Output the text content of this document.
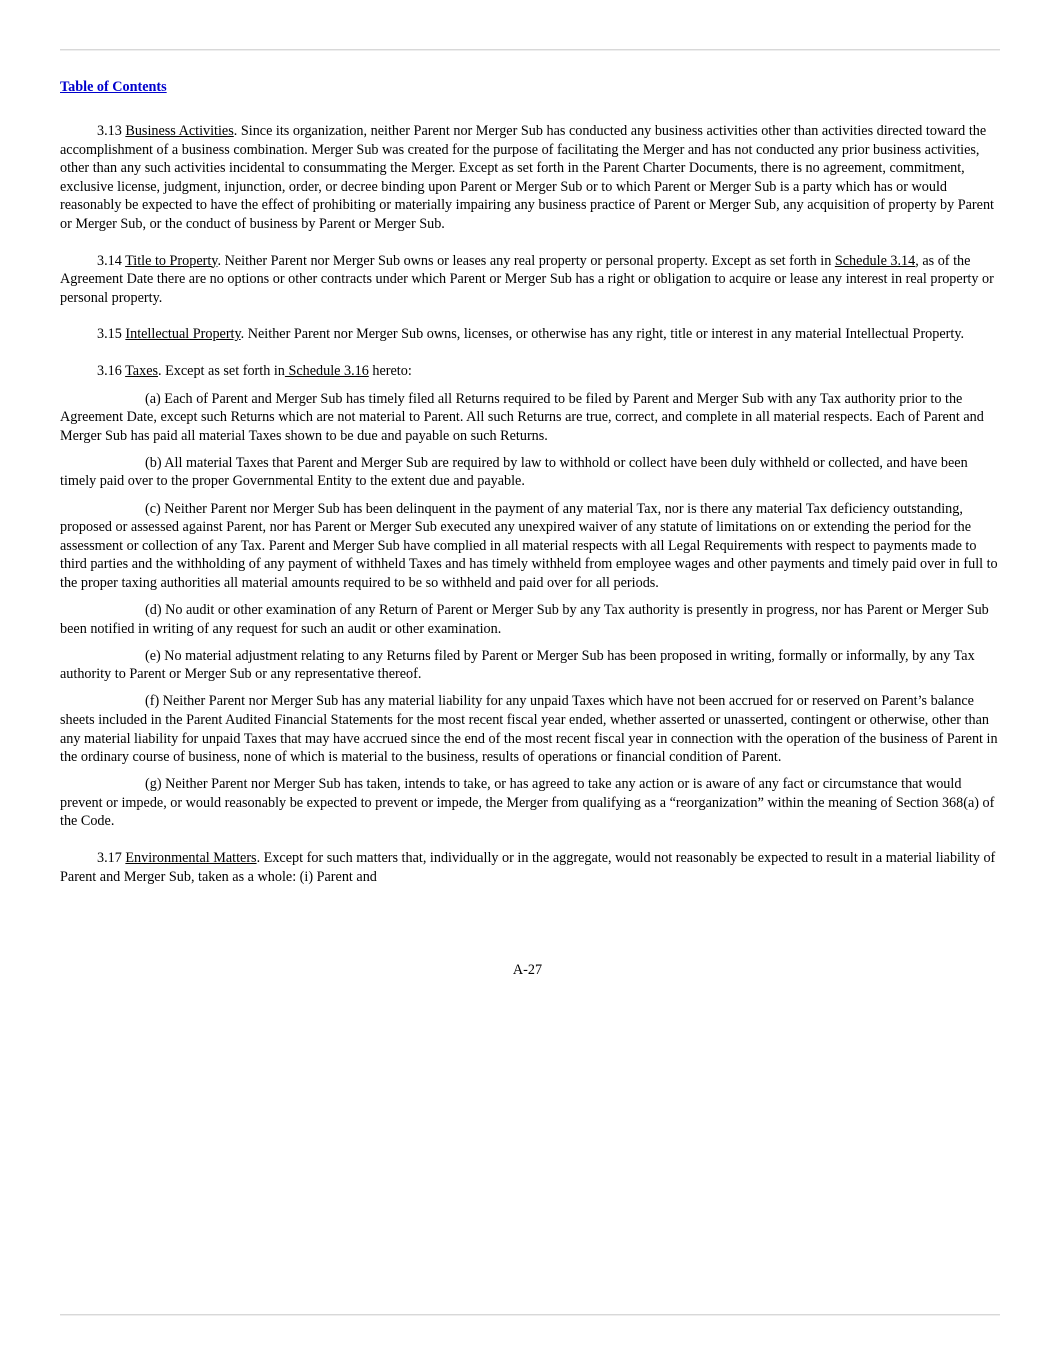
Table of Contents

3.13 Business Activities. Since its organization, neither Parent nor Merger Sub has conducted any business activities other than activities directed toward the accomplishment of a business combination. Merger Sub was created for the purpose of facilitating the Merger and has not conducted any prior business activities, other than any such activities incidental to consummating the Merger. Except as set forth in the Parent Charter Documents, there is no agreement, commitment, exclusive license, judgment, injunction, order, or decree binding upon Parent or Merger Sub or to which Parent or Merger Sub is a party which has or would reasonably be expected to have the effect of prohibiting or materially impairing any business practice of Parent or Merger Sub, any acquisition of property by Parent or Merger Sub, or the conduct of business by Parent or Merger Sub.

3.14 Title to Property. Neither Parent nor Merger Sub owns or leases any real property or personal property. Except as set forth in Schedule 3.14, as of the Agreement Date there are no options or other contracts under which Parent or Merger Sub has a right or obligation to acquire or lease any interest in real property or personal property.

3.15 Intellectual Property. Neither Parent nor Merger Sub owns, licenses, or otherwise has any right, title or interest in any material Intellectual Property.

3.16 Taxes. Except as set forth in Schedule 3.16 hereto:

(a) Each of Parent and Merger Sub has timely filed all Returns required to be filed by Parent and Merger Sub with any Tax authority prior to the Agreement Date, except such Returns which are not material to Parent. All such Returns are true, correct, and complete in all material respects. Each of Parent and Merger Sub has paid all material Taxes shown to be due and payable on such Returns.

(b) All material Taxes that Parent and Merger Sub are required by law to withhold or collect have been duly withheld or collected, and have been timely paid over to the proper Governmental Entity to the extent due and payable.

(c) Neither Parent nor Merger Sub has been delinquent in the payment of any material Tax, nor is there any material Tax deficiency outstanding, proposed or assessed against Parent, nor has Parent or Merger Sub executed any unexpired waiver of any statute of limitations on or extending the period for the assessment or collection of any Tax. Parent and Merger Sub have complied in all material respects with all Legal Requirements with respect to payments made to third parties and the withholding of any payment of withheld Taxes and has timely withheld from employee wages and other payments and timely paid over in full to the proper taxing authorities all material amounts required to be so withheld and paid over for all periods.

(d) No audit or other examination of any Return of Parent or Merger Sub by any Tax authority is presently in progress, nor has Parent or Merger Sub been notified in writing of any request for such an audit or other examination.

(e) No material adjustment relating to any Returns filed by Parent or Merger Sub has been proposed in writing, formally or informally, by any Tax authority to Parent or Merger Sub or any representative thereof.

(f) Neither Parent nor Merger Sub has any material liability for any unpaid Taxes which have not been accrued for or reserved on Parent’s balance sheets included in the Parent Audited Financial Statements for the most recent fiscal year ended, whether asserted or unasserted, contingent or otherwise, other than any material liability for unpaid Taxes that may have accrued since the end of the most recent fiscal year in connection with the operation of the business of Parent in the ordinary course of business, none of which is material to the business, results of operations or financial condition of Parent.

(g) Neither Parent nor Merger Sub has taken, intends to take, or has agreed to take any action or is aware of any fact or circumstance that would prevent or impede, or would reasonably be expected to prevent or impede, the Merger from qualifying as a “reorganization” within the meaning of Section 368(a) of the Code.

3.17 Environmental Matters. Except for such matters that, individually or in the aggregate, would not reasonably be expected to result in a material liability of Parent and Merger Sub, taken as a whole: (i) Parent and

A-27
